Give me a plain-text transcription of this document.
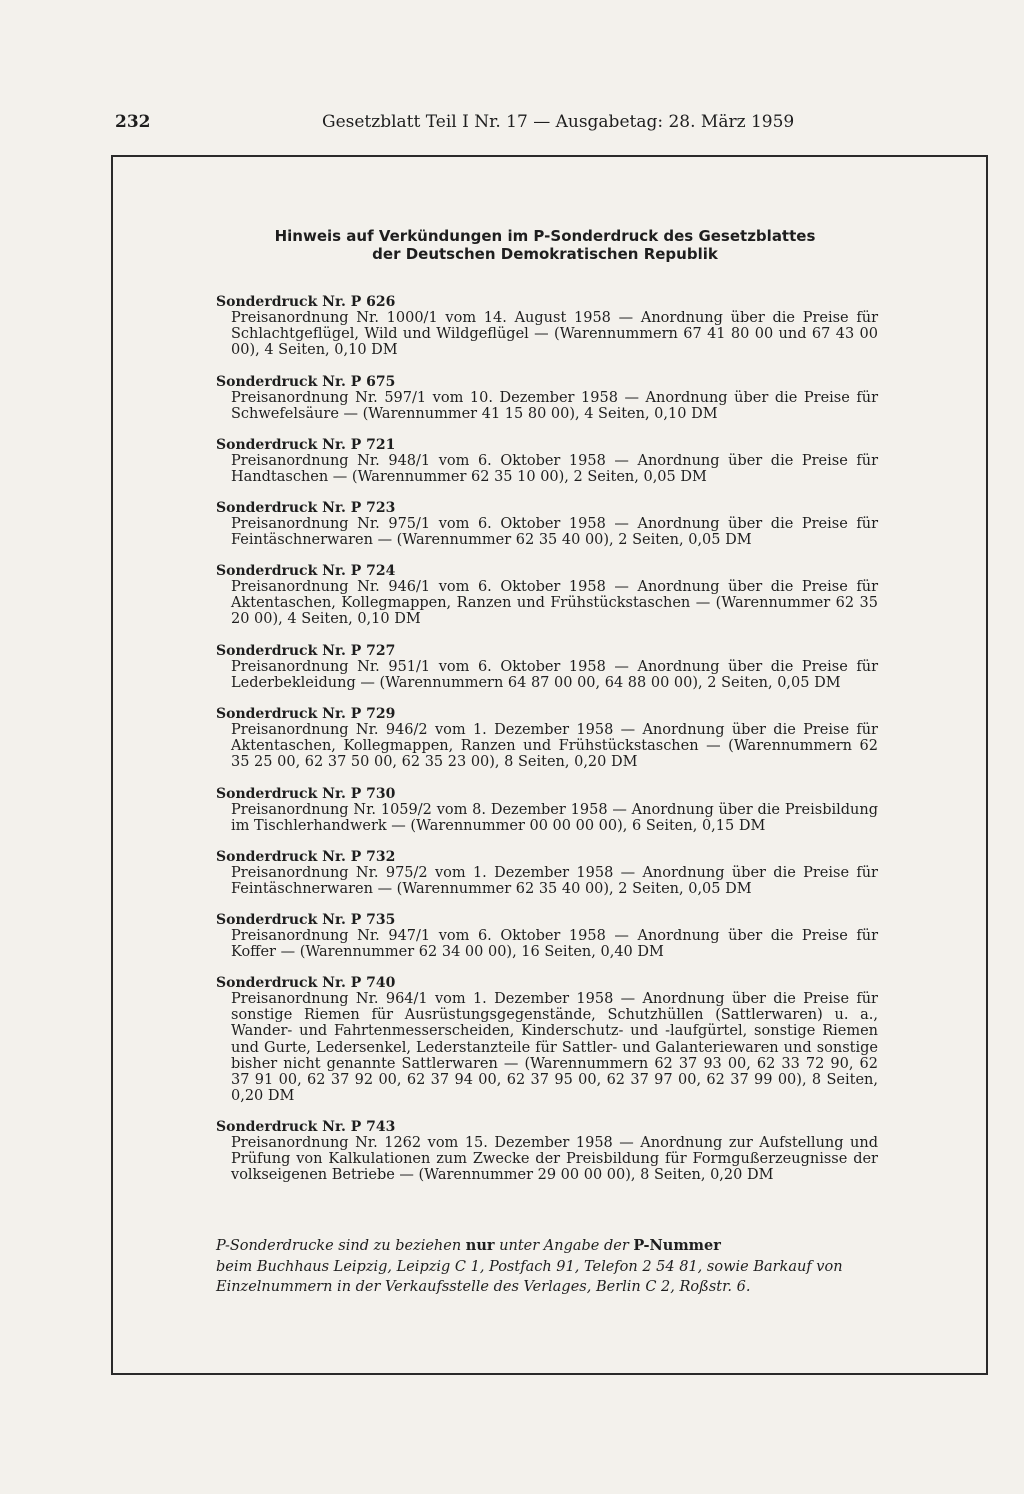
232	Gesetzblatt Teil I Nr. 17 — Ausgabetag: 28. März 1959
Hinweis auf Verkündungen im P-Sonderdruck des Gesetzblattes
der Deutschen Demokratischen Republik
Sonderdruck Nr. P 626
Preisanordnung Nr. 1000/1 vom 14. August 1958 — Anordnung über die Preise für Schlachtgeflügel, Wild und Wildgeflügel — (Warennummern 67 41 80 00 und 67 43 00 00), 4 Seiten, 0,10 DM
Sonderdruck Nr. P 675
Preisanordnung Nr. 597/1 vom 10. Dezember 1958 — Anordnung über die Preise für Schwefelsäure — (Warennummer 41 15 80 00), 4 Seiten, 0,10 DM
Sonderdruck Nr. P 721
Preisanordnung Nr. 948/1 vom 6. Oktober 1958 — Anordnung über die Preise für Handtaschen — (Warennummer 62 35 10 00), 2 Seiten, 0,05 DM
Sonderdruck Nr. P 723
Preisanordnung Nr. 975/1 vom 6. Oktober 1958 — Anordnung über die Preise für Feintäschnerwaren — (Warennummer 62 35 40 00), 2 Seiten, 0,05 DM
Sonderdruck Nr. P 724
Preisanordnung Nr. 946/1 vom 6. Oktober 1958 — Anordnung über die Preise für Aktentaschen, Kollegmappen, Ranzen und Frühstückstaschen — (Warennummer 62 35 20 00), 4 Seiten, 0,10 DM
Sonderdruck Nr. P 727
Preisanordnung Nr. 951/1 vom 6. Oktober 1958 — Anordnung über die Preise für Lederbekleidung — (Warennummern 64 87 00 00, 64 88 00 00), 2 Seiten, 0,05 DM
Sonderdruck Nr. P 729
Preisanordnung Nr. 946/2 vom 1. Dezember 1958 — Anordnung über die Preise für Aktentaschen, Kollegmappen, Ranzen und Frühstückstaschen — (Warennummern 62 35 25 00, 62 37 50 00, 62 35 23 00), 8 Seiten, 0,20 DM
Sonderdruck Nr. P 730
Preisanordnung Nr. 1059/2 vom 8. Dezember 1958 — Anordnung über die Preisbildung im Tischlerhandwerk — (Warennummer 00 00 00 00), 6 Seiten, 0,15 DM
Sonderdruck Nr. P 732
Preisanordnung Nr. 975/2 vom 1. Dezember 1958 — Anordnung über die Preise für Feintäschnerwaren — (Warennummer 62 35 40 00), 2 Seiten, 0,05 DM
Sonderdruck Nr. P 735
Preisanordnung Nr. 947/1 vom 6. Oktober 1958 — Anordnung über die Preise für Koffer — (Warennummer 62 34 00 00), 16 Seiten, 0,40 DM
Sonderdruck Nr. P 740
Preisanordnung Nr. 964/1 vom 1. Dezember 1958 — Anordnung über die Preise für sonstige Riemen für Ausrüstungsgegenstände, Schutzhüllen (Sattlerwaren) u. a., Wander- und Fahrtenmesserscheiden, Kinderschutz- und -laufgürtel, sonstige Riemen und Gurte, Ledersenkel, Lederstanzteile für Sattler- und Galanteriewaren und sonstige bisher nicht genannte Sattlerwaren — (Warennummern 62 37 93 00, 62 33 72 90, 62 37 91 00, 62 37 92 00, 62 37 94 00, 62 37 95 00, 62 37 97 00, 62 37 99 00), 8 Seiten, 0,20 DM
Sonderdruck Nr. P 743
Preisanordnung Nr. 1262 vom 15. Dezember 1958 — Anordnung zur Aufstellung und Prüfung von Kalkulationen zum Zwecke der Preisbildung für Formgußerzeugnisse der volkseigenen Betriebe — (Warennummer 29 00 00 00), 8 Seiten, 0,20 DM
P-Sonderdrucke sind zu beziehen nur unter Angabe der P-Nummer
beim Buchhaus Leipzig, Leipzig C 1, Postfach 91, Telefon 2 54 81, sowie Barkauf von
Einzelnummern in der Verkaufsstelle des Verlages, Berlin C 2, Roßstr. 6.
